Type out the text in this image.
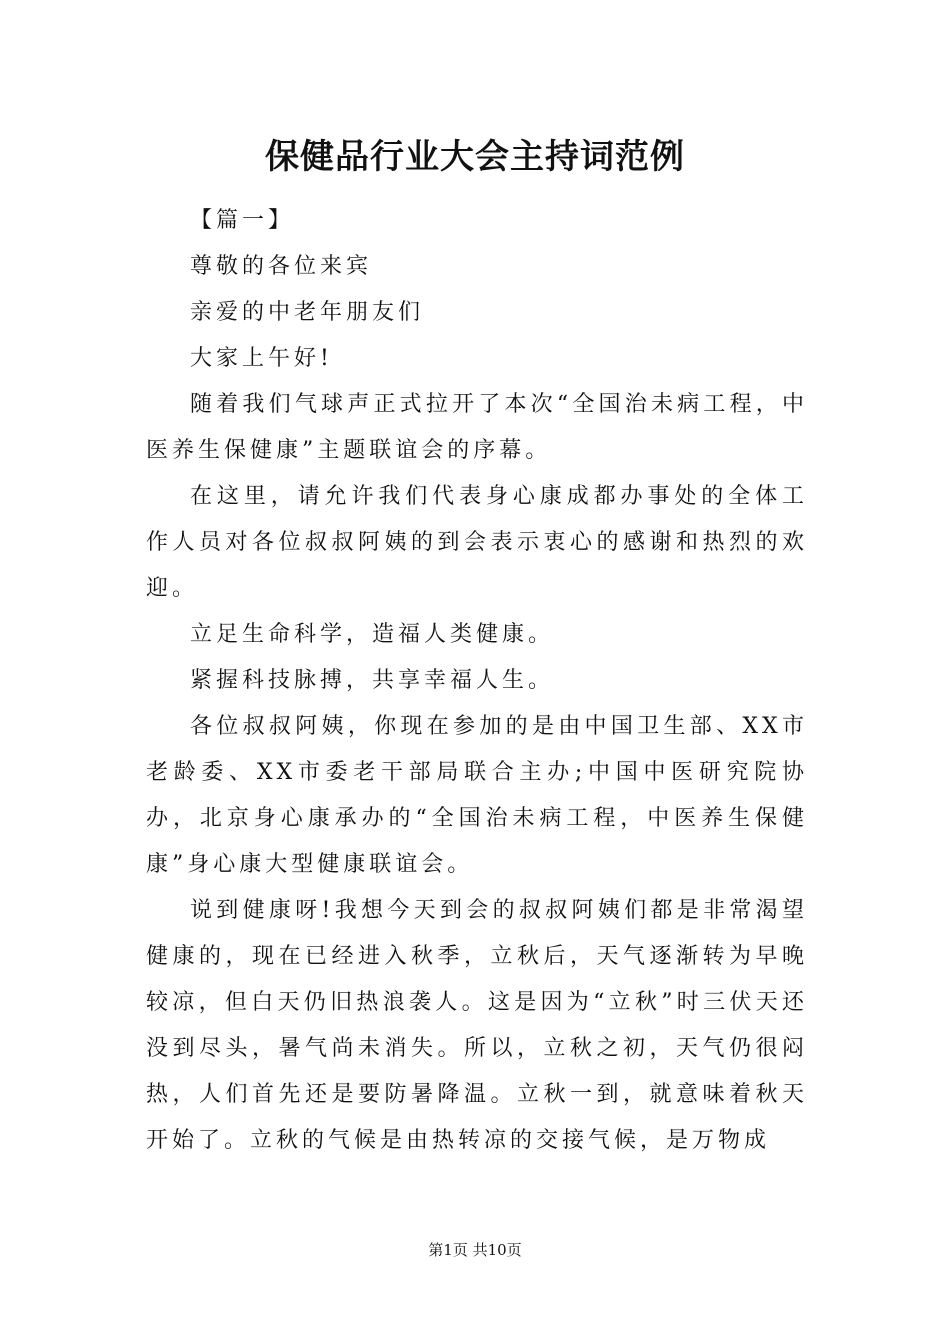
保健品行业大会主持词范例

【篇一】

尊敬的各位来宾

亲爱的中老年朋友们

大家上午好!

随着我们气球声正式拉开了本次“全国治未病工程，中医养生保健康”主题联谊会的序幕。

在这里，请允许我们代表身心康成都办事处的全体工作人员对各位叔叔阿姨的到会表示衷心的感谢和热烈的欢迎。

立足生命科学，造福人类健康。

紧握科技脉搏，共享幸福人生。

各位叔叔阿姨，你现在参加的是由中国卫生部、XX市老龄委、XX市委老干部局联合主办;中国中医研究院协办，北京身心康承办的“全国治未病工程，中医养生保健康”身心康大型健康联谊会。

说到健康呀!我想今天到会的叔叔阿姨们都是非常渴望健康的，现在已经进入秋季，立秋后，天气逐渐转为早晚较凉，但白天仍旧热浪袭人。这是因为“立秋”时三伏天还没到尽头，暑气尚未消失。所以，立秋之初，天气仍很闷热，人们首先还是要防暑降温。立秋一到，就意味着秋天开始了。立秋的气候是由热转凉的交接气候，是万物成

第1页 共10页
